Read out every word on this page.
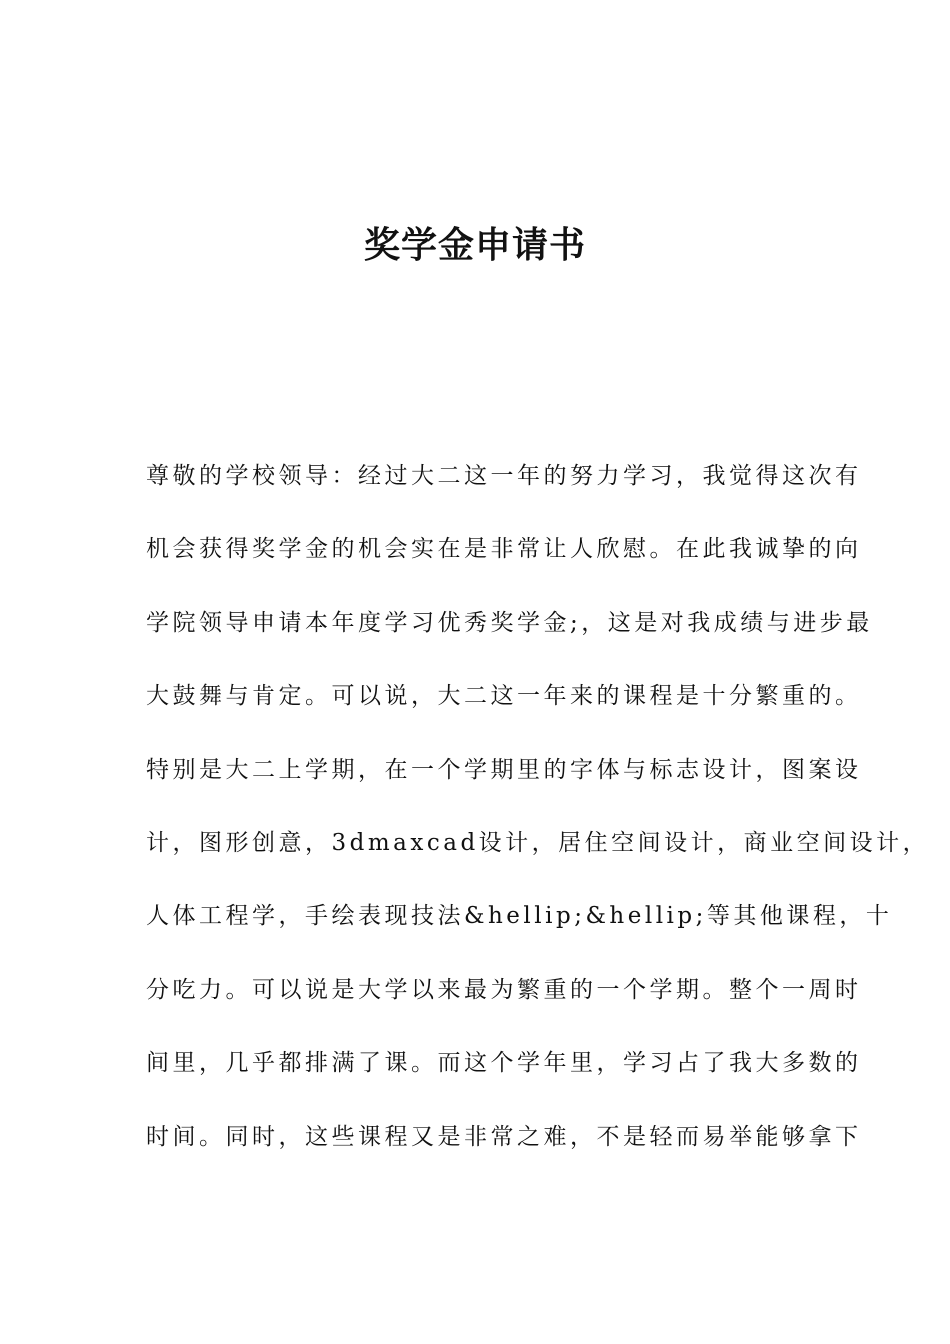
奖学金申请书
尊敬的学校领导：经过大二这一年的努力学习，我觉得这次有
机会获得奖学金的机会实在是非常让人欣慰。在此我诚挚的向
学院领导申请本年度学习优秀奖学金;，这是对我成绩与进步最
大鼓舞与肯定。可以说，大二这一年来的课程是十分繁重的。
特别是大二上学期，在一个学期里的字体与标志设计，图案设
计，图形创意，3dmaxcad设计，居住空间设计，商业空间设计，
人体工程学，手绘表现技法&hellip;&hellip;等其他课程，十
分吃力。可以说是大学以来最为繁重的一个学期。整个一周时
间里，几乎都排满了课。而这个学年里，学习占了我大多数的
时间。同时，这些课程又是非常之难，不是轻而易举能够拿下
